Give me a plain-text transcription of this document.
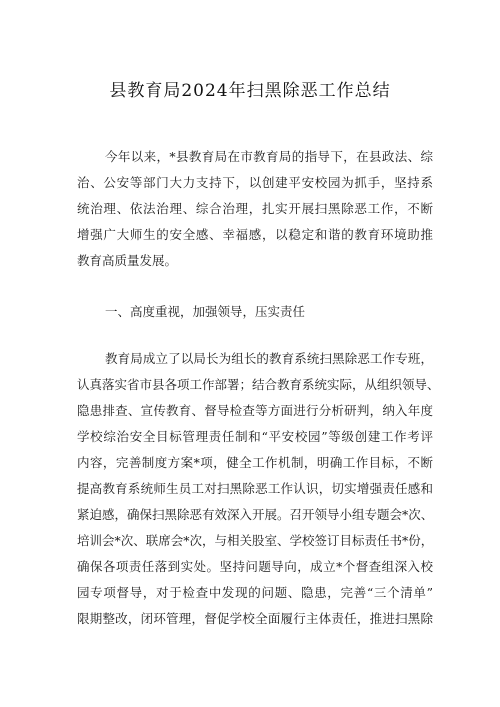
县教育局2024年扫黑除恶工作总结
今年以来，*县教育局在市教育局的指导下，在县政法、综
治、公安等部门大力支持下，以创建平安校园为抓手，坚持系
统治理、依法治理、综合治理，扎实开展扫黑除恶工作，不断
增强广大师生的安全感、幸福感，以稳定和谐的教育环境助推
教育高质量发展。
一、高度重视，加强领导，压实责任
教育局成立了以局长为组长的教育系统扫黑除恶工作专班，
认真落实省市县各项工作部署；结合教育系统实际，从组织领导、
隐患排查、宣传教育、督导检查等方面进行分析研判，纳入年度
学校综治安全目标管理责任制和“平安校园”等级创建工作考评
内容，完善制度方案*项，健全工作机制，明确工作目标，不断
提高教育系统师生员工对扫黑除恶工作认识，切实增强责任感和
紧迫感，确保扫黑除恶有效深入开展。召开领导小组专题会*次、
培训会*次、联席会*次，与相关股室、学校签订目标责任书*份，
确保各项责任落到实处。坚持问题导向，成立*个督查组深入校
园专项督导，对于检查中发现的问题、隐患，完善“三个清单”
限期整改，闭环管理，督促学校全面履行主体责任，推进扫黑除
